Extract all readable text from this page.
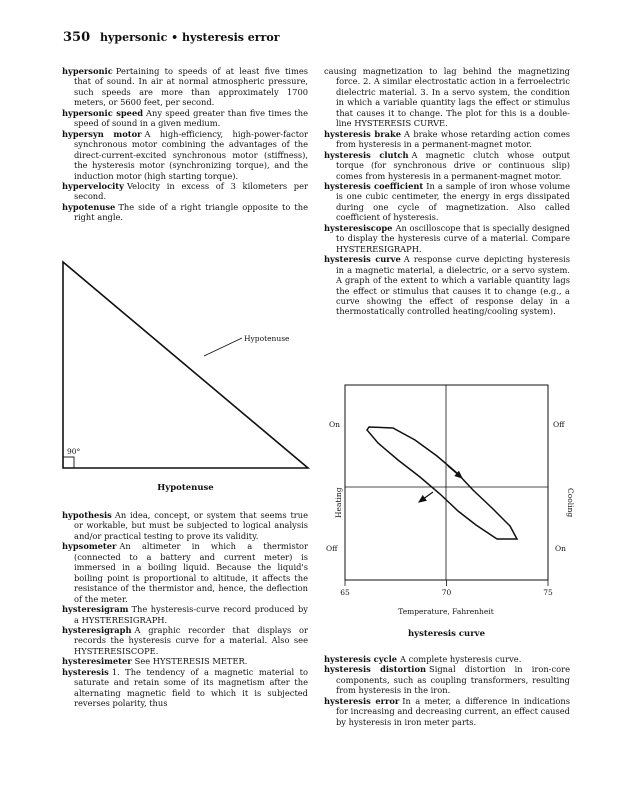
350 hypersonic • hysteresis error

hypersonic Pertaining to speeds of at least five times that of sound. In air at normal atmospheric pressure, such speeds are more than approximately 1700 meters, or 5600 feet, per second.

hypersonic speed Any speed greater than five times the speed of sound in a given medium.

hypersyn motor A high-efficiency, high-power-factor synchronous motor combining the advantages of the direct-current-excited synchronous motor (stiffness), the hysteresis motor (synchronizing torque), and the induction motor (high starting torque).

hypervelocity Velocity in excess of 3 kilometers per second.

hypotenuse The side of a right triangle opposite to the right angle.

Hypotenuse
90°
Hypotenuse

hypothesis An idea, concept, or system that seems true or workable, but must be subjected to logical analysis and/or practical testing to prove its validity.

hypsometer An altimeter in which a thermistor (connected to a battery and current meter) is immersed in a boiling liquid. Because the liquid's boiling point is proportional to altitude, it affects the resistance of the thermistor and, hence, the deflection of the meter.

hysteresigram The hysteresis-curve record produced by a HYSTERESIGRAPH.

hysteresigraph A graphic recorder that displays or records the hysteresis curve for a material. Also see HYSTERESISCOPE.

hysteresimeter See HYSTERESIS METER.

hysteresis 1. The tendency of a magnetic material to saturate and retain some of its magnetism after the alternating magnetic field to which it is subjected reverses polarity, thus

causing magnetization to lag behind the magnetizing force. 2. A similar electrostatic action in a ferroelectric dielectric material. 3. In a servo system, the condition in which a variable quantity lags the effect or stimulus that causes it to change. The plot for this is a double-line HYSTERESIS CURVE.

hysteresis brake A brake whose retarding action comes from hysteresis in a permanent-magnet motor.

hysteresis clutch A magnetic clutch whose output torque (for synchronous drive or continuous slip) comes from hysteresis in a permanent-magnet motor.

hysteresis coefficient In a sample of iron whose volume is one cubic centimeter, the energy in ergs dissipated during one cycle of magnetization. Also called coefficient of hysteresis.

hysteresiscope An oscilloscope that is specially designed to display the hysteresis curve of a material. Compare HYSTERESIGRAPH.

hysteresis curve A response curve depicting hysteresis in a magnetic material, a dielectric, or a servo system. A graph of the extent to which a variable quantity lags the effect or stimulus that causes it to change (e.g., a curve showing the effect of response delay in a thermostatically controlled heating/cooling system).

On
Off
Off
On
Heating	Cooling
65	70	75
Temperature, Fahrenheit
hysteresis curve

hysteresis cycle A complete hysteresis curve.

hysteresis distortion Signal distortion in iron-core components, such as coupling transformers, resulting from hysteresis in the iron.

hysteresis error In a meter, a difference in indications for increasing and decreasing current, an effect caused by hysteresis in iron meter parts.
